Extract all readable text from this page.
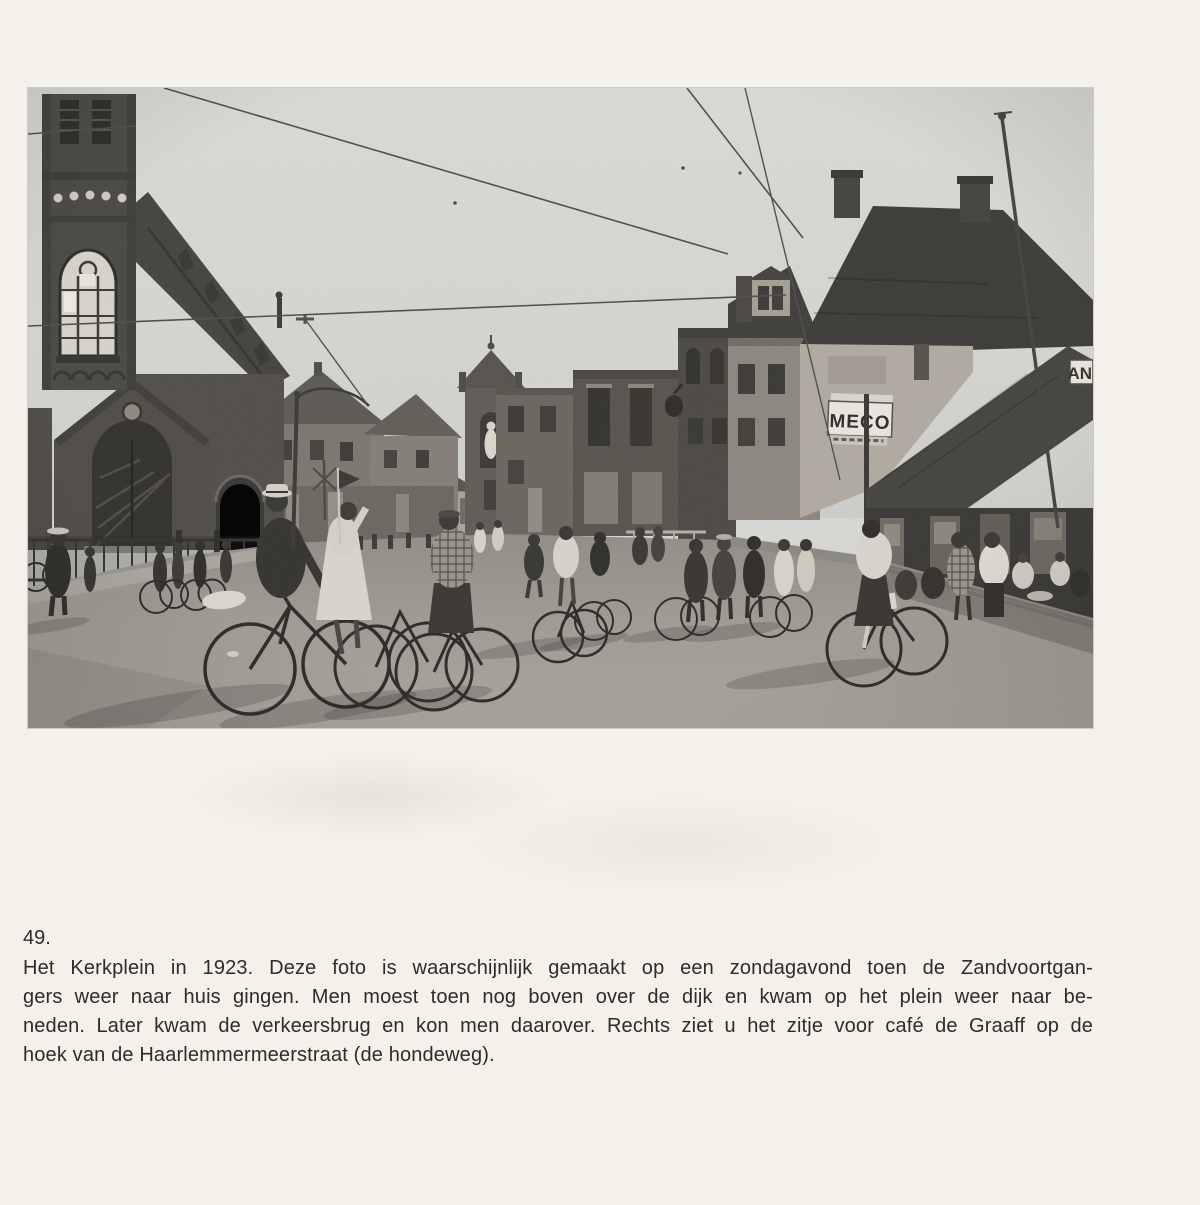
49.
Het Kerkplein in 1923. Deze foto is waarschijnlijk gemaakt op een zondagavond toen de Zandvoortgan-
gers weer naar huis gingen. Men moest toen nog boven over de dijk en kwam op het plein weer naar be-
neden. Later kwam de verkeersbrug en kon men daarover. Rechts ziet u het zitje voor café de Graaff op de
hoek van de Haarlemmermeerstraat (de hondeweg).
